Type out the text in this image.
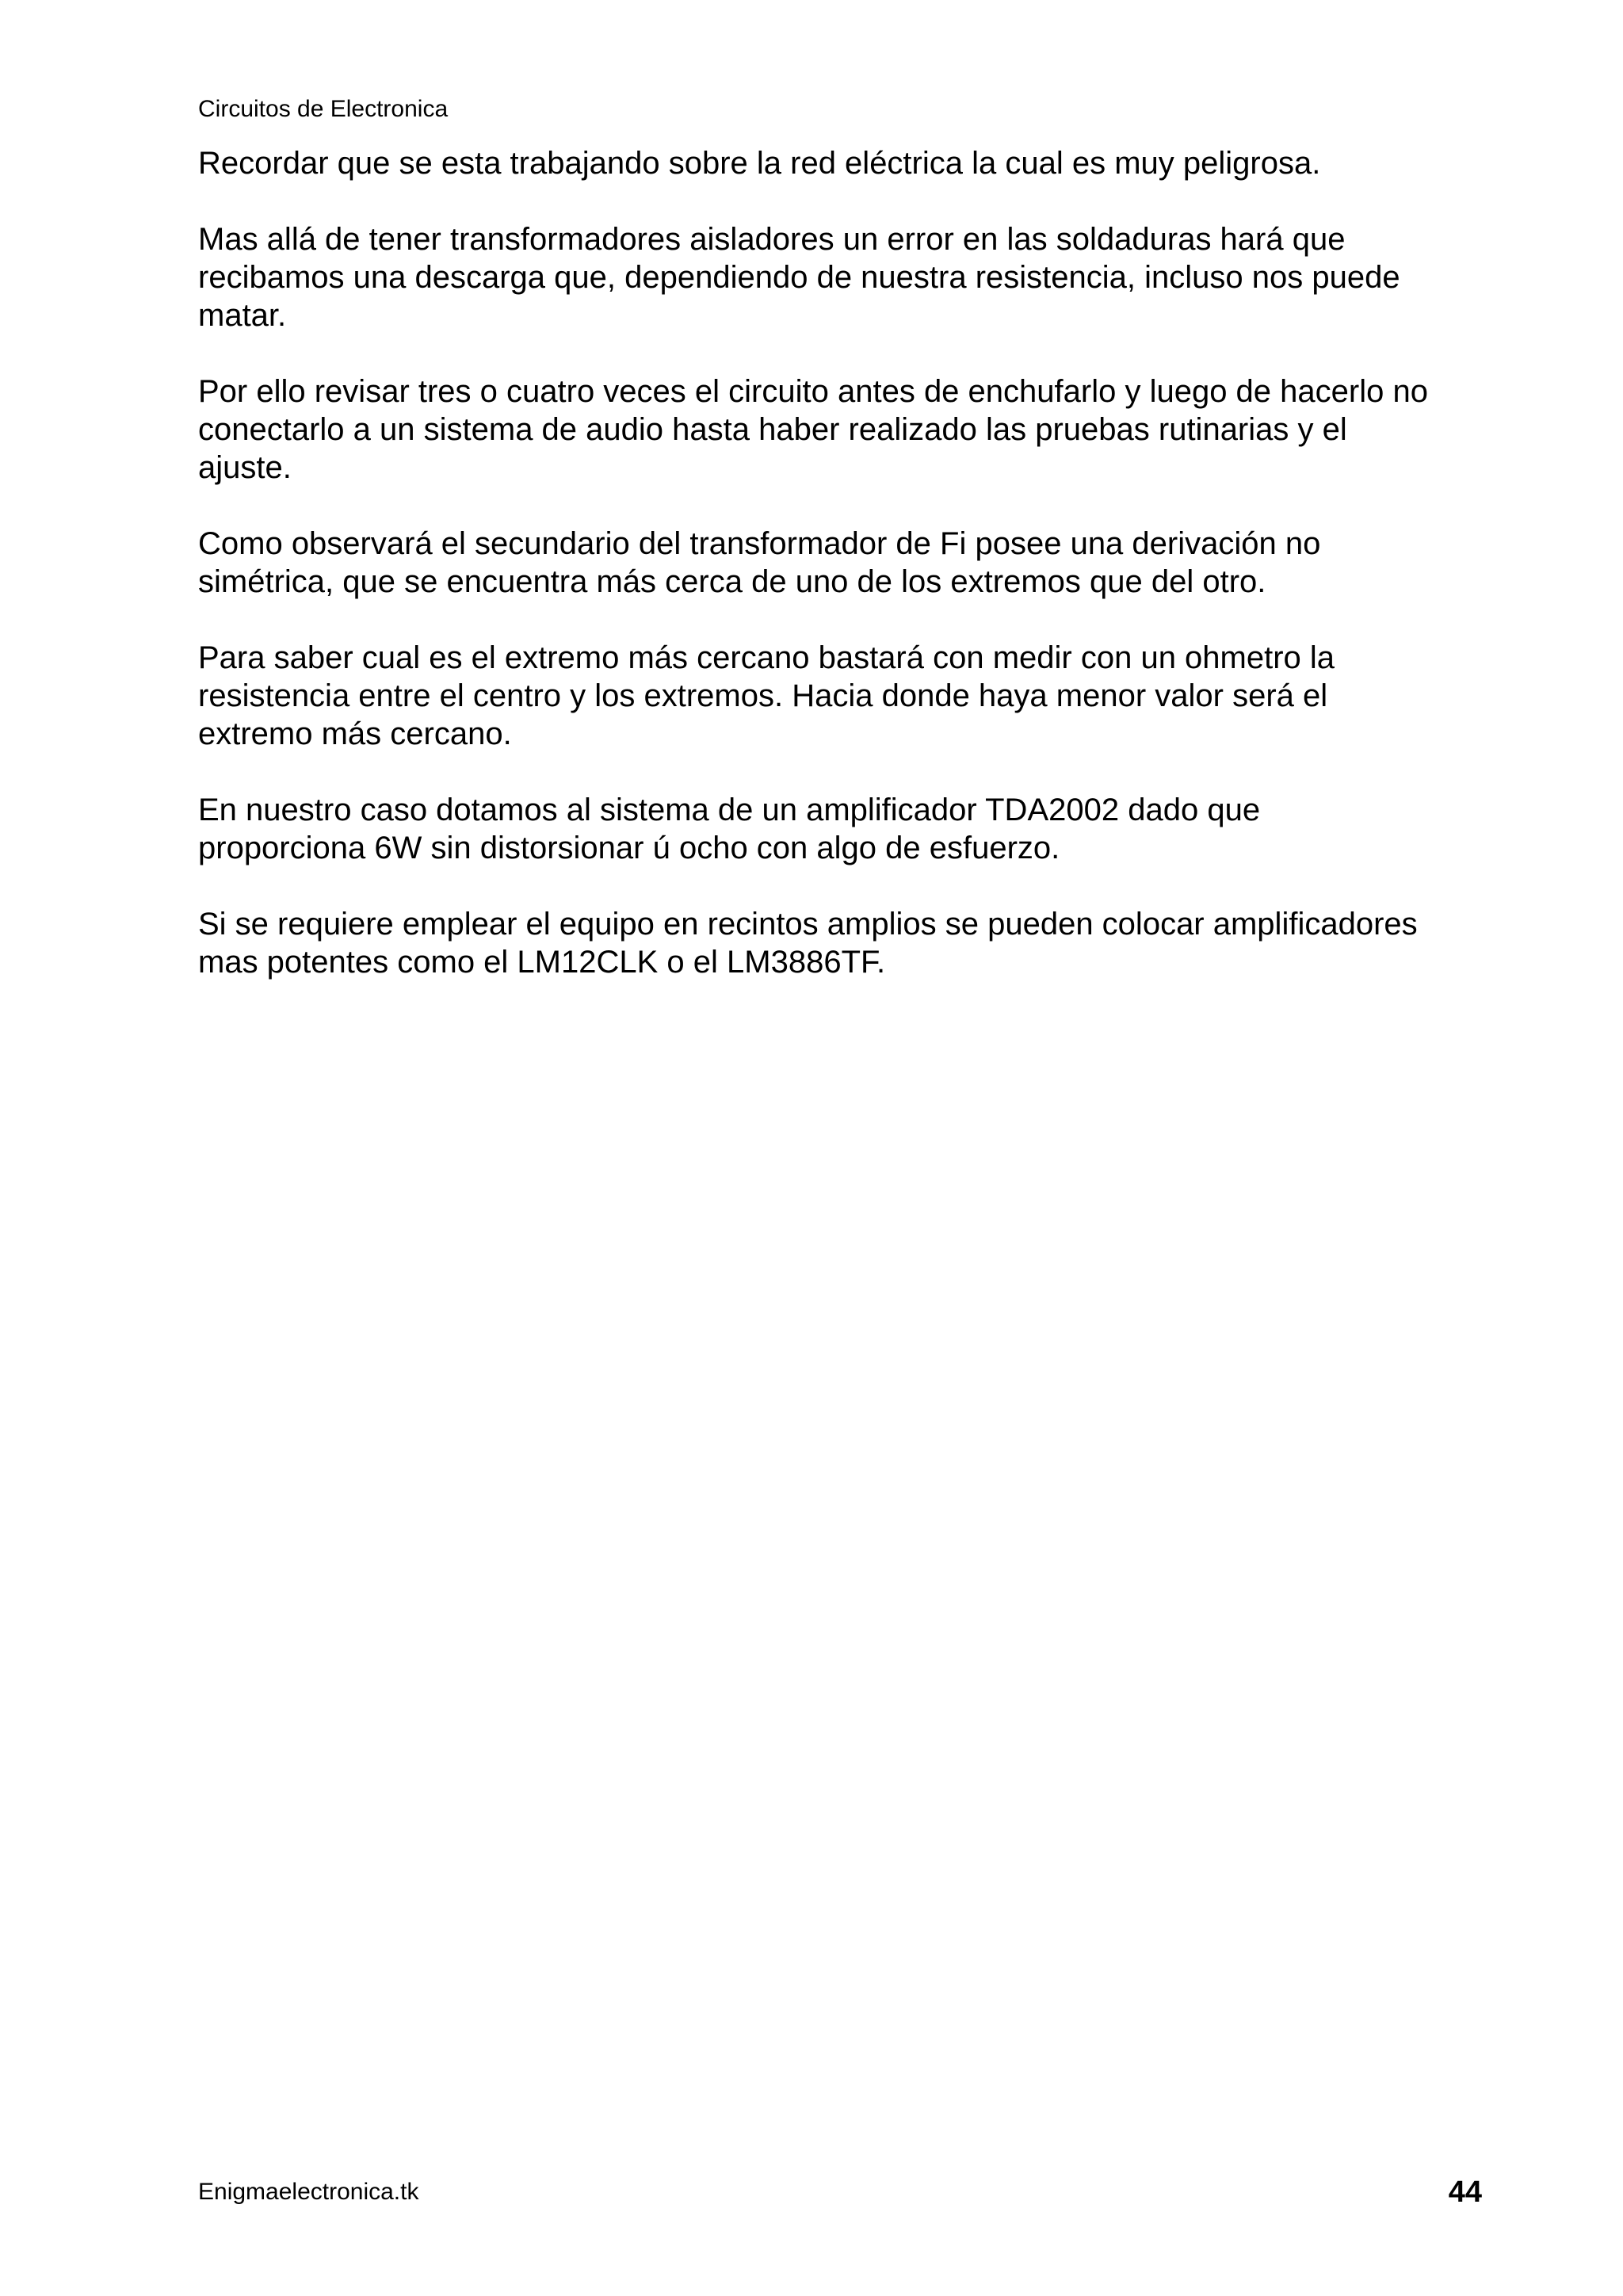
Circuitos de Electronica

Recordar que se esta trabajando sobre la red eléctrica la cual es muy peligrosa.

Mas allá de tener transformadores aisladores un error en las soldaduras hará que
recibamos una descarga que, dependiendo de nuestra resistencia, incluso nos puede
matar.

Por ello revisar tres o cuatro veces el circuito antes de enchufarlo y luego de hacerlo no
conectarlo a un sistema de audio hasta haber realizado las pruebas rutinarias y el
ajuste.

Como observará el secundario del transformador de Fi posee una derivación no
simétrica, que se encuentra más cerca de uno de los extremos que del otro.

Para saber cual es el extremo más cercano bastará con medir con un ohmetro la
resistencia entre el centro y los extremos. Hacia donde haya menor valor será el
extremo más cercano.

En nuestro caso dotamos al sistema de un amplificador TDA2002 dado que
proporciona 6W sin distorsionar ú ocho con algo de esfuerzo.

Si se requiere emplear el equipo en recintos amplios se pueden colocar amplificadores
mas potentes como el LM12CLK o el LM3886TF.

Enigmaelectronica.tk	44
